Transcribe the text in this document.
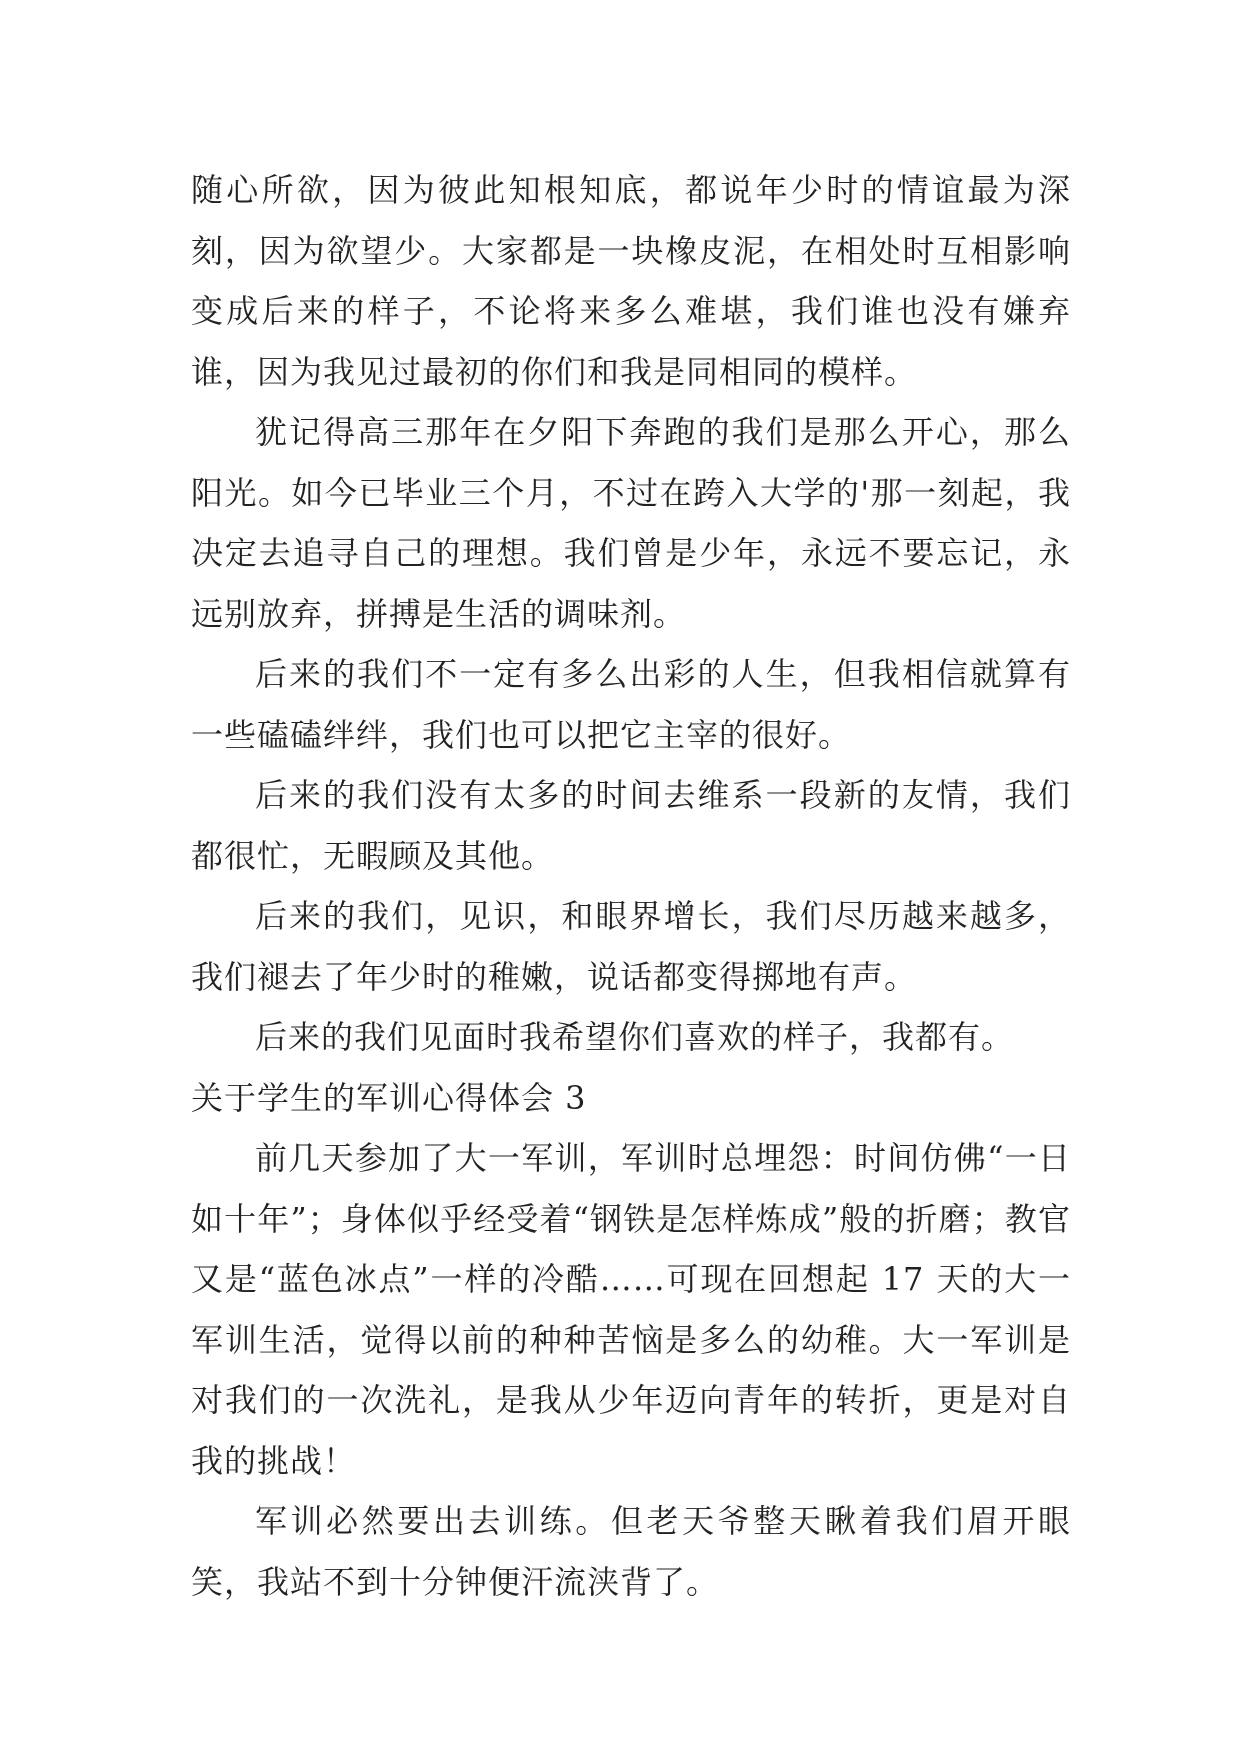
随心所欲，因为彼此知根知底，都说年少时的情谊最为深刻，因为欲望少。大家都是一块橡皮泥，在相处时互相影响变成后来的样子，不论将来多么难堪，我们谁也没有嫌弃谁，因为我见过最初的你们和我是同相同的模样。

犹记得高三那年在夕阳下奔跑的我们是那么开心，那么阳光。如今已毕业三个月，不过在跨入大学的'那一刻起，我决定去追寻自己的理想。我们曾是少年，永远不要忘记，永远别放弃，拼搏是生活的调味剂。

后来的我们不一定有多么出彩的人生，但我相信就算有一些磕磕绊绊，我们也可以把它主宰的很好。

后来的我们没有太多的时间去维系一段新的友情，我们都很忙，无暇顾及其他。

后来的我们，见识，和眼界增长，我们尽历越来越多，我们褪去了年少时的稚嫩，说话都变得掷地有声。

后来的我们见面时我希望你们喜欢的样子，我都有。

关于学生的军训心得体会 3

前几天参加了大一军训，军训时总埋怨：时间仿佛“一日如十年”；身体似乎经受着“钢铁是怎样炼成”般的折磨；教官又是“蓝色冰点”一样的冷酷……可现在回想起 17 天的大一军训生活，觉得以前的种种苦恼是多么的幼稚。大一军训是对我们的一次洗礼，是我从少年迈向青年的转折，更是对自我的挑战！

军训必然要出去训练。但老天爷整天瞅着我们眉开眼笑，我站不到十分钟便汗流浃背了。
